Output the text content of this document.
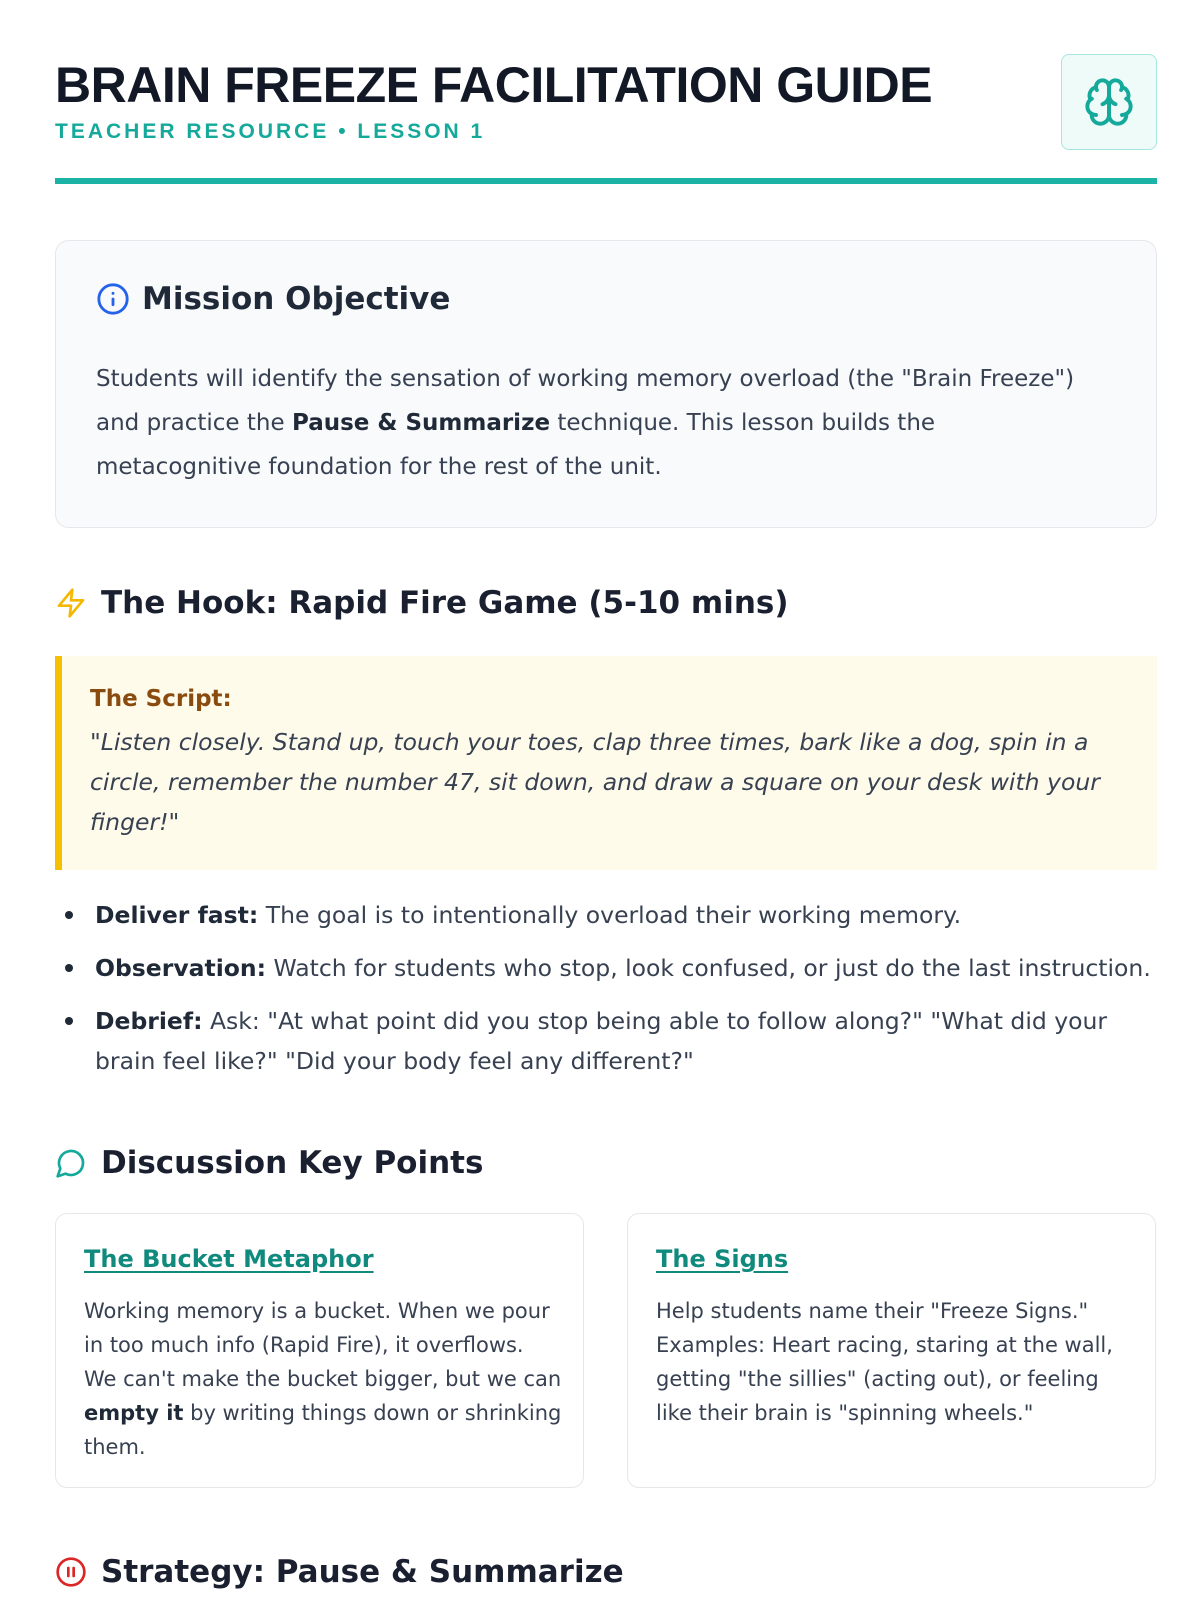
BRAIN FREEZE FACILITATION GUIDE
TEACHER RESOURCE • LESSON 1
Mission Objective

Students will identify the sensation of working memory overload (the "Brain Freeze") and practice the Pause & Summarize technique. This lesson builds the metacognitive foundation for the rest of the unit.

The Hook: Rapid Fire Game (5-10 mins)
The Script:

"Listen closely. Stand up, touch your toes, clap three times, bark like a dog, spin in a circle, remember the number 47, sit down, and draw a square on your desk with your finger!"

Deliver fast: The goal is to intentionally overload their working memory.
Observation: Watch for students who stop, look confused, or just do the last instruction.
Debrief: Ask: "At what point did you stop being able to follow along?" "What did your brain feel like?" "Did your body feel any different?"
Discussion Key Points
The Bucket Metaphor

Working memory is a bucket. When we pour in too much info (Rapid Fire), it overflows. We can't make the bucket bigger, but we can empty it by writing things down or shrinking them.

The Signs

Help students name their "Freeze Signs." Examples: Heart racing, staring at the wall, getting "the sillies" (acting out), or feeling like their brain is "spinning wheels."

Strategy: Pause & Summarize
